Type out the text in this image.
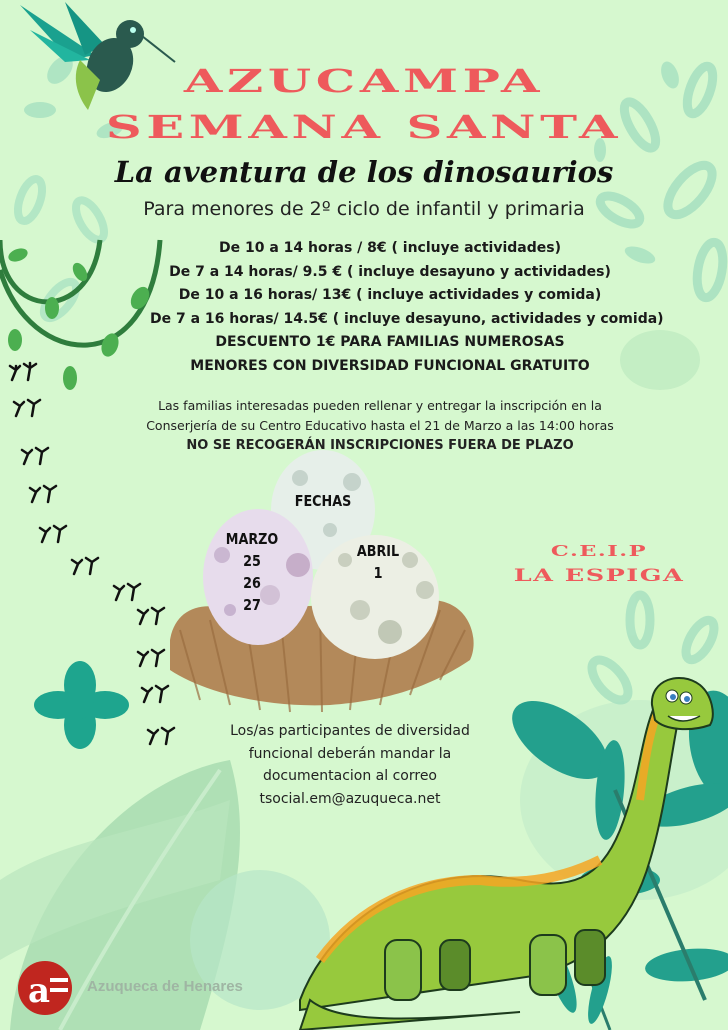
a
AZUCAMPA
SEMANA SANTA
La aventura de los dinosaurios
Para menores de 2º ciclo de infantil y primaria
De 10 a 14 horas / 8€ ( incluye actividades)
De 7 a 14 horas/ 9.5 € ( incluye desayuno y actividades)
De 10 a 16 horas/ 13€ ( incluye actividades y comida)
De 7 a 16 horas/ 14.5€ ( incluye desayuno, actividades y comida)
DESCUENTO 1€ PARA FAMILIAS NUMEROSAS
MENORES CON DIVERSIDAD FUNCIONAL GRATUITO
Las familias interesadas pueden rellenar y entregar la inscripción en la
Conserjería de su Centro Educativo hasta el 21 de Marzo a las 14:00 horas
NO SE RECOGERÁN INSCRIPCIONES FUERA DE PLAZO
FECHAS
MARZO
25
26
27
ABRIL
1
C.E.I.P
LA ESPIGA
Los/as participantes de diversidad
funcional deberán mandar la
documentacion al correo
tsocial.em@azuqueca.net
Azuqueca de Henares
